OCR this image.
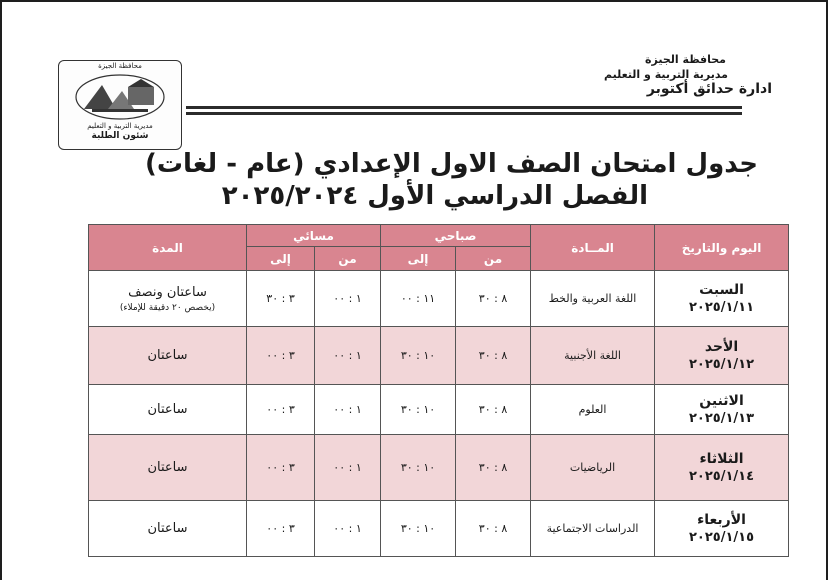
محافظة الجيزة
مديرية التربية و التعليم
شئون الطلبة
محافظة الجيزة
مديرية التربية و التعليم
ادارة حدائق أكتوبر
جدول امتحان الصف الاول الإعدادي (عام - لغات)
الفصل الدراسي الأول ٢٠٢٥/٢٠٢٤
اليوم والتاريخ	المــادة	صباحي		مسائي		المدة
		من	إلى	من	إلى	

السبت
٢٠٢٥/١/١١	اللغة العربية والخط	٨ : ٣٠	١١ : ٠٠	١ : ٠٠	٣ : ٣٠	ساعتان ونصف
(يخصص ٢٠ دقيقة للإملاء)

الأحد
٢٠٢٥/١/١٢	اللغة الأجنبية	٨ : ٣٠	١٠ : ٣٠	١ : ٠٠	٣ : ٠٠	ساعتان

الاثنين
٢٠٢٥/١/١٣	العلوم	٨ : ٣٠	١٠ : ٣٠	١ : ٠٠	٣ : ٠٠	ساعتان

الثلاثاء
٢٠٢٥/١/١٤	الرياضيات	٨ : ٣٠	١٠ : ٣٠	١ : ٠٠	٣ : ٠٠	ساعتان

الأربعاء
٢٠٢٥/١/١٥	الدراسات الاجتماعية	٨ : ٣٠	١٠ : ٣٠	١ : ٠٠	٣ : ٠٠	ساعتان
